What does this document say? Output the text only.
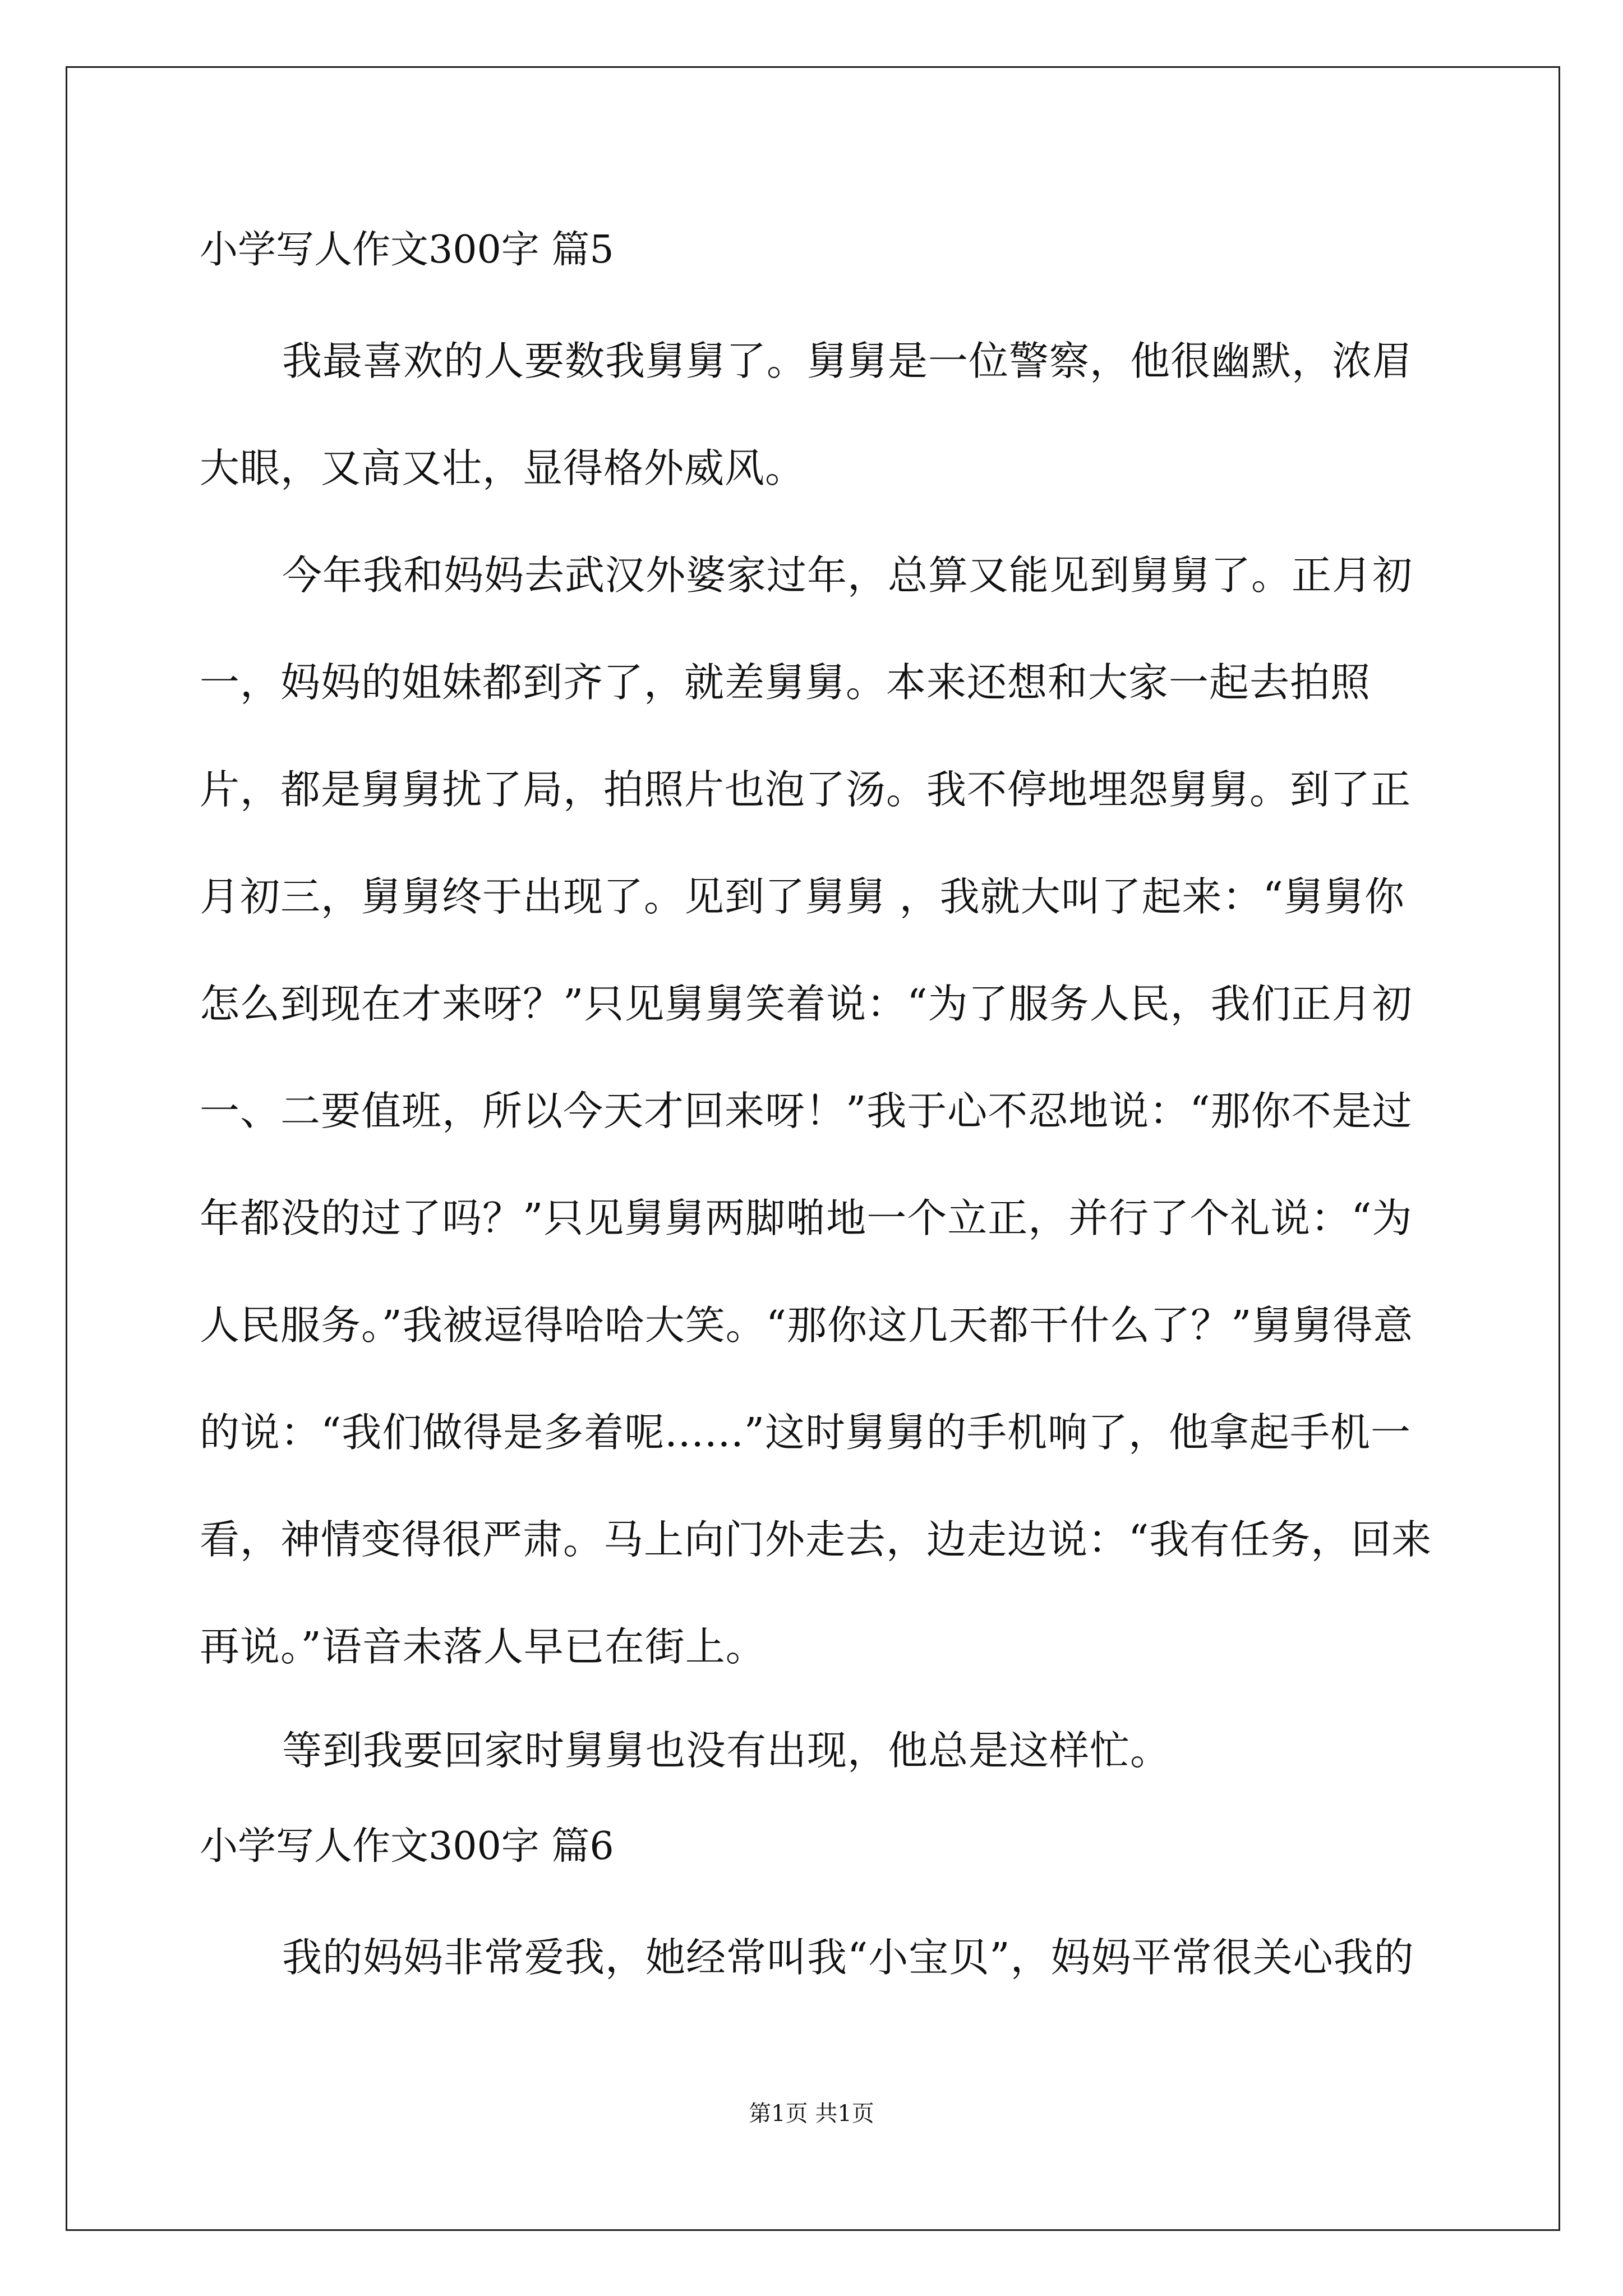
小学写人作文300字 篇5

我最喜欢的人要数我舅舅了。舅舅是一位警察，他很幽默，浓眉大眼，又高又壮，显得格外威风。

今年我和妈妈去武汉外婆家过年，总算又能见到舅舅了。正月初一，妈妈的姐妹都到齐了，就差舅舅。本来还想和大家一起去拍照片，都是舅舅扰了局，拍照片也泡了汤。我不停地埋怨舅舅。到了正月初三，舅舅终于出现了。见到了舅舅 ，我就大叫了起来：“舅舅你怎么到现在才来呀？”只见舅舅笑着说：“为了服务人民，我们正月初一、二要值班，所以今天才回来呀！”我于心不忍地说：“那你不是过年都没的过了吗？”只见舅舅两脚啪地一个立正，并行了个礼说：“为人民服务。”我被逗得哈哈大笑。“那你这几天都干什么了？”舅舅得意的说：“我们做得是多着呢......”这时舅舅的手机响了，他拿起手机一看，神情变得很严肃。马上向门外走去，边走边说：“我有任务，回来再说。”语音未落人早已在街上。

等到我要回家时舅舅也没有出现，他总是这样忙。

小学写人作文300字 篇6

我的妈妈非常爱我，她经常叫我“小宝贝”，妈妈平常很关心我的

第1页 共1页
